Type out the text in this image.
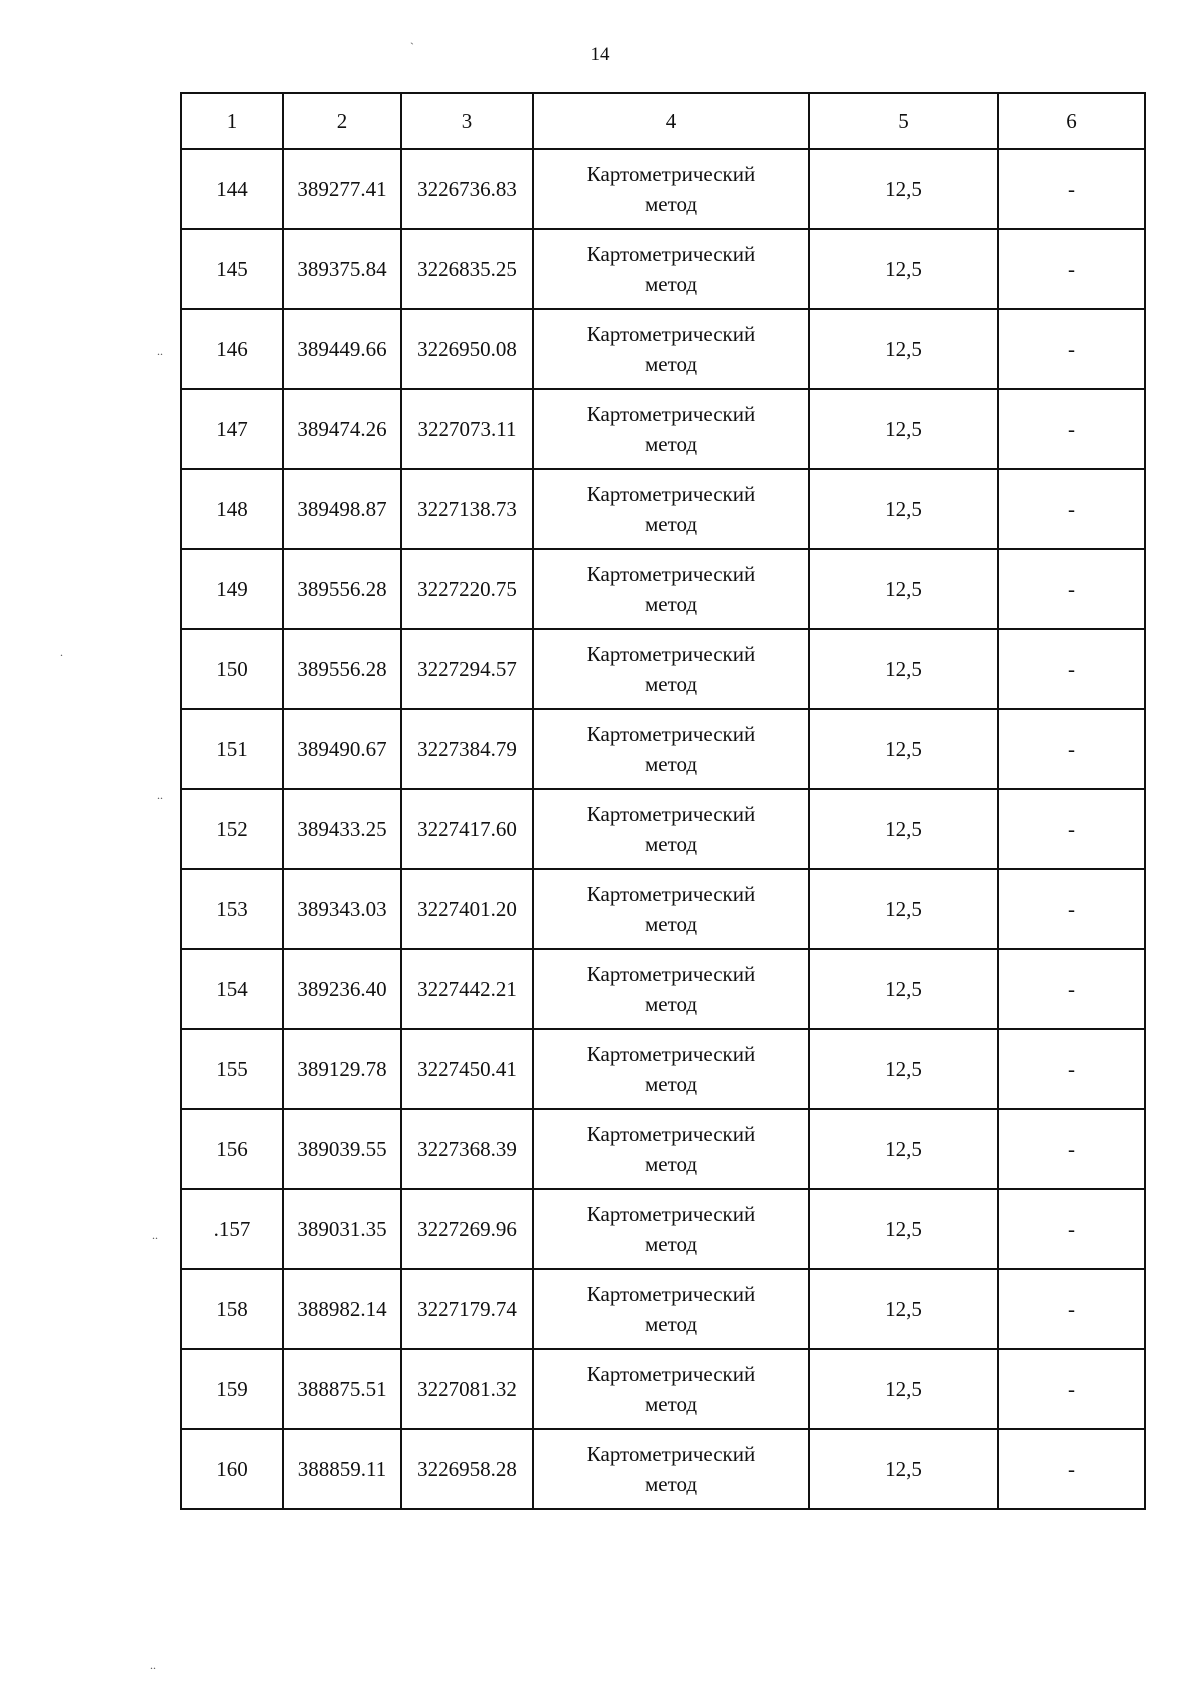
14
`
..
.
..
..
..
1	2	3	4	5	6
144	389277.41	3226736.83	Картометрический метод	12,5	-
145	389375.84	3226835.25	Картометрический метод	12,5	-
146	389449.66	3226950.08	Картометрический метод	12,5	-
147	389474.26	3227073.11	Картометрический метод	12,5	-
148	389498.87	3227138.73	Картометрический метод	12,5	-
149	389556.28	3227220.75	Картометрический метод	12,5	-
150	389556.28	3227294.57	Картометрический метод	12,5	-
151	389490.67	3227384.79	Картометрический метод	12,5	-
152	389433.25	3227417.60	Картометрический метод	12,5	-
153	389343.03	3227401.20	Картометрический метод	12,5	-
154	389236.40	3227442.21	Картометрический метод	12,5	-
155	389129.78	3227450.41	Картометрический метод	12,5	-
156	389039.55	3227368.39	Картометрический метод	12,5	-
.157	389031.35	3227269.96	Картометрический метод	12,5	-
158	388982.14	3227179.74	Картометрический метод	12,5	-
159	388875.51	3227081.32	Картометрический метод	12,5	-
160	388859.11	3226958.28	Картометрический метод	12,5	-
